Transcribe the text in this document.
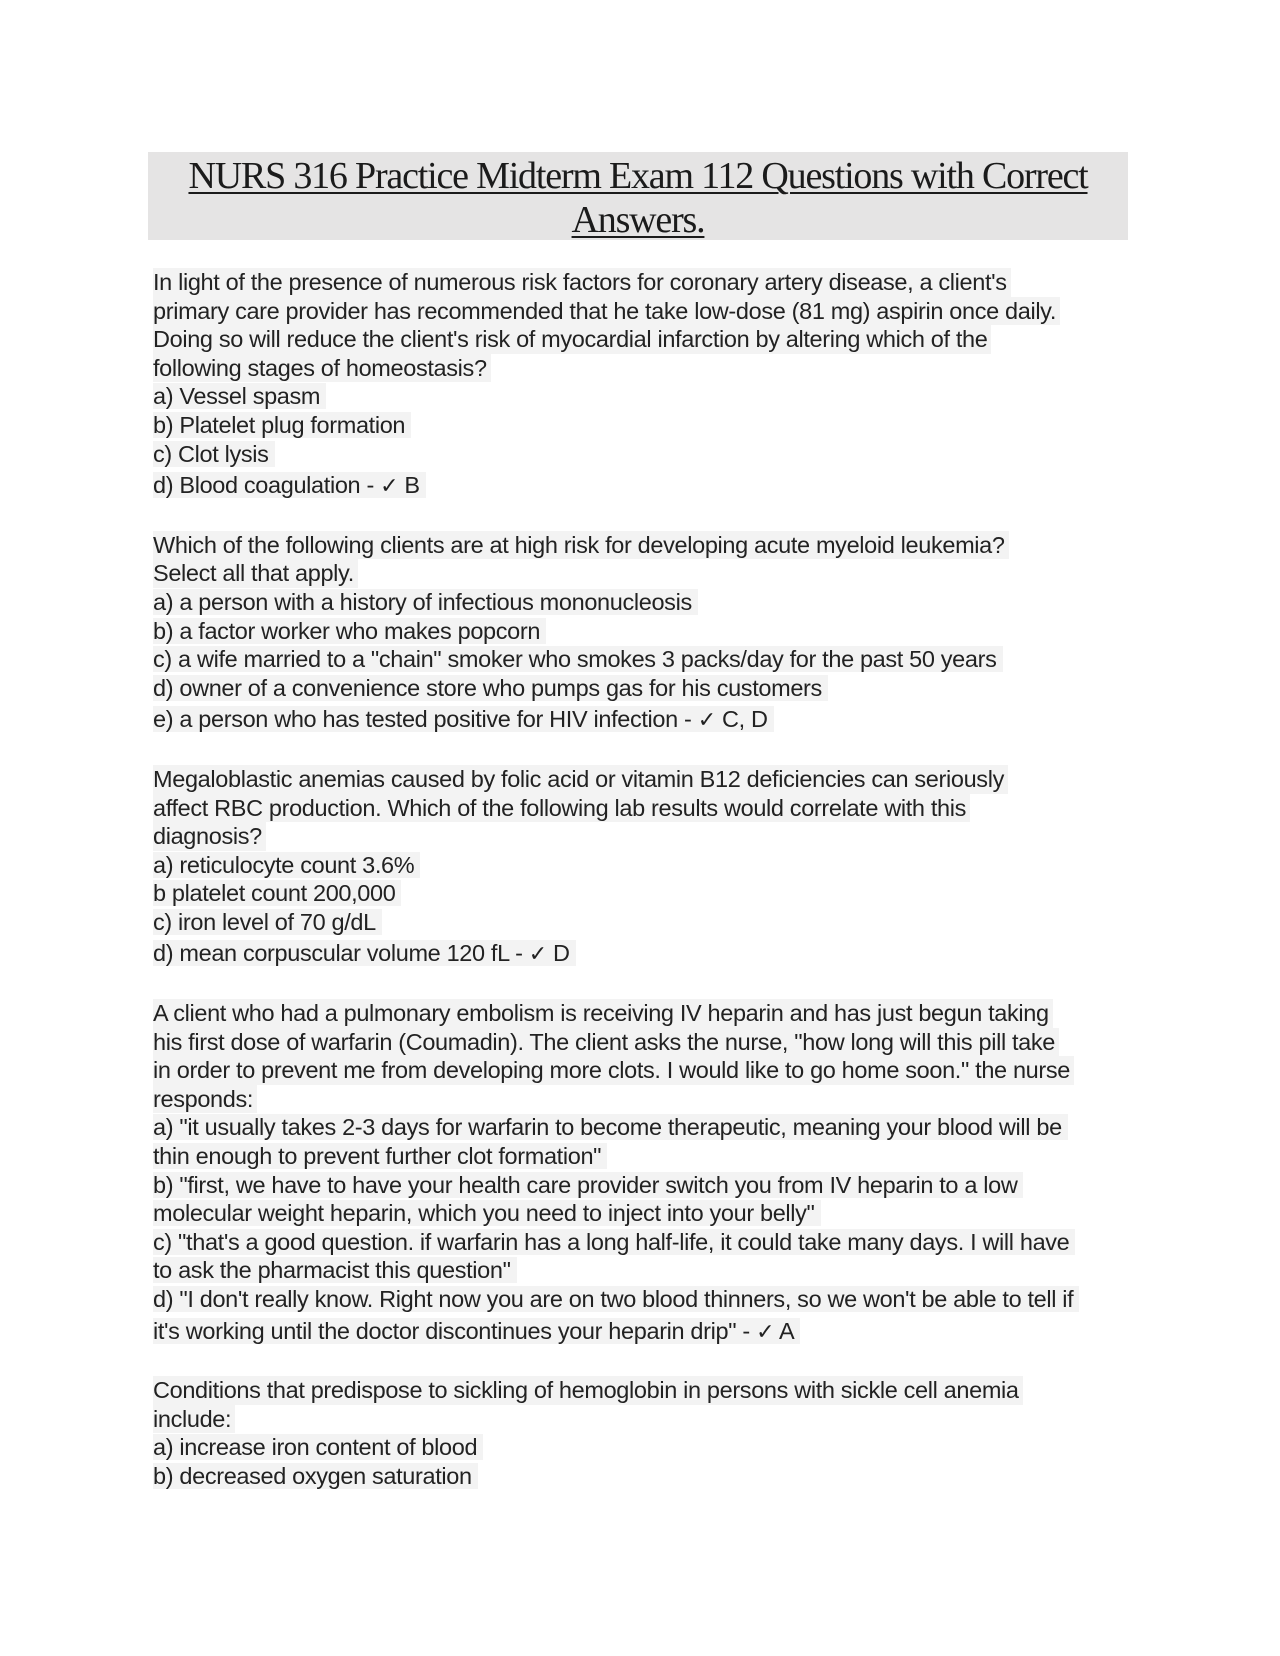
NURS 316 Practice Midterm Exam 112 Questions with Correct
Answers.
In light of the presence of numerous risk factors for coronary artery disease, a client's
primary care provider has recommended that he take low-dose (81 mg) aspirin once daily.
Doing so will reduce the client's risk of myocardial infarction by altering which of the
following stages of homeostasis?
a) Vessel spasm
b) Platelet plug formation
c) Clot lysis
d) Blood coagulation - ✓ B
Which of the following clients are at high risk for developing acute myeloid leukemia?
Select all that apply.
a) a person with a history of infectious mononucleosis
b) a factor worker who makes popcorn
c) a wife married to a "chain" smoker who smokes 3 packs/day for the past 50 years
d) owner of a convenience store who pumps gas for his customers
e) a person who has tested positive for HIV infection - ✓ C, D
Megaloblastic anemias caused by folic acid or vitamin B12 deficiencies can seriously
affect RBC production. Which of the following lab results would correlate with this
diagnosis?
a) reticulocyte count 3.6%
b platelet count 200,000
c) iron level of 70 g/dL
d) mean corpuscular volume 120 fL - ✓ D
A client who had a pulmonary embolism is receiving IV heparin and has just begun taking
his first dose of warfarin (Coumadin). The client asks the nurse, "how long will this pill take
in order to prevent me from developing more clots. I would like to go home soon." the nurse
responds:
a) "it usually takes 2-3 days for warfarin to become therapeutic, meaning your blood will be
thin enough to prevent further clot formation"
b) "first, we have to have your health care provider switch you from IV heparin to a low
molecular weight heparin, which you need to inject into your belly"
c) "that's a good question. if warfarin has a long half-life, it could take many days. I will have
to ask the pharmacist this question"
d) "I don't really know. Right now you are on two blood thinners, so we won't be able to tell if
it's working until the doctor discontinues your heparin drip" - ✓ A
Conditions that predispose to sickling of hemoglobin in persons with sickle cell anemia
include:
a) increase iron content of blood
b) decreased oxygen saturation
